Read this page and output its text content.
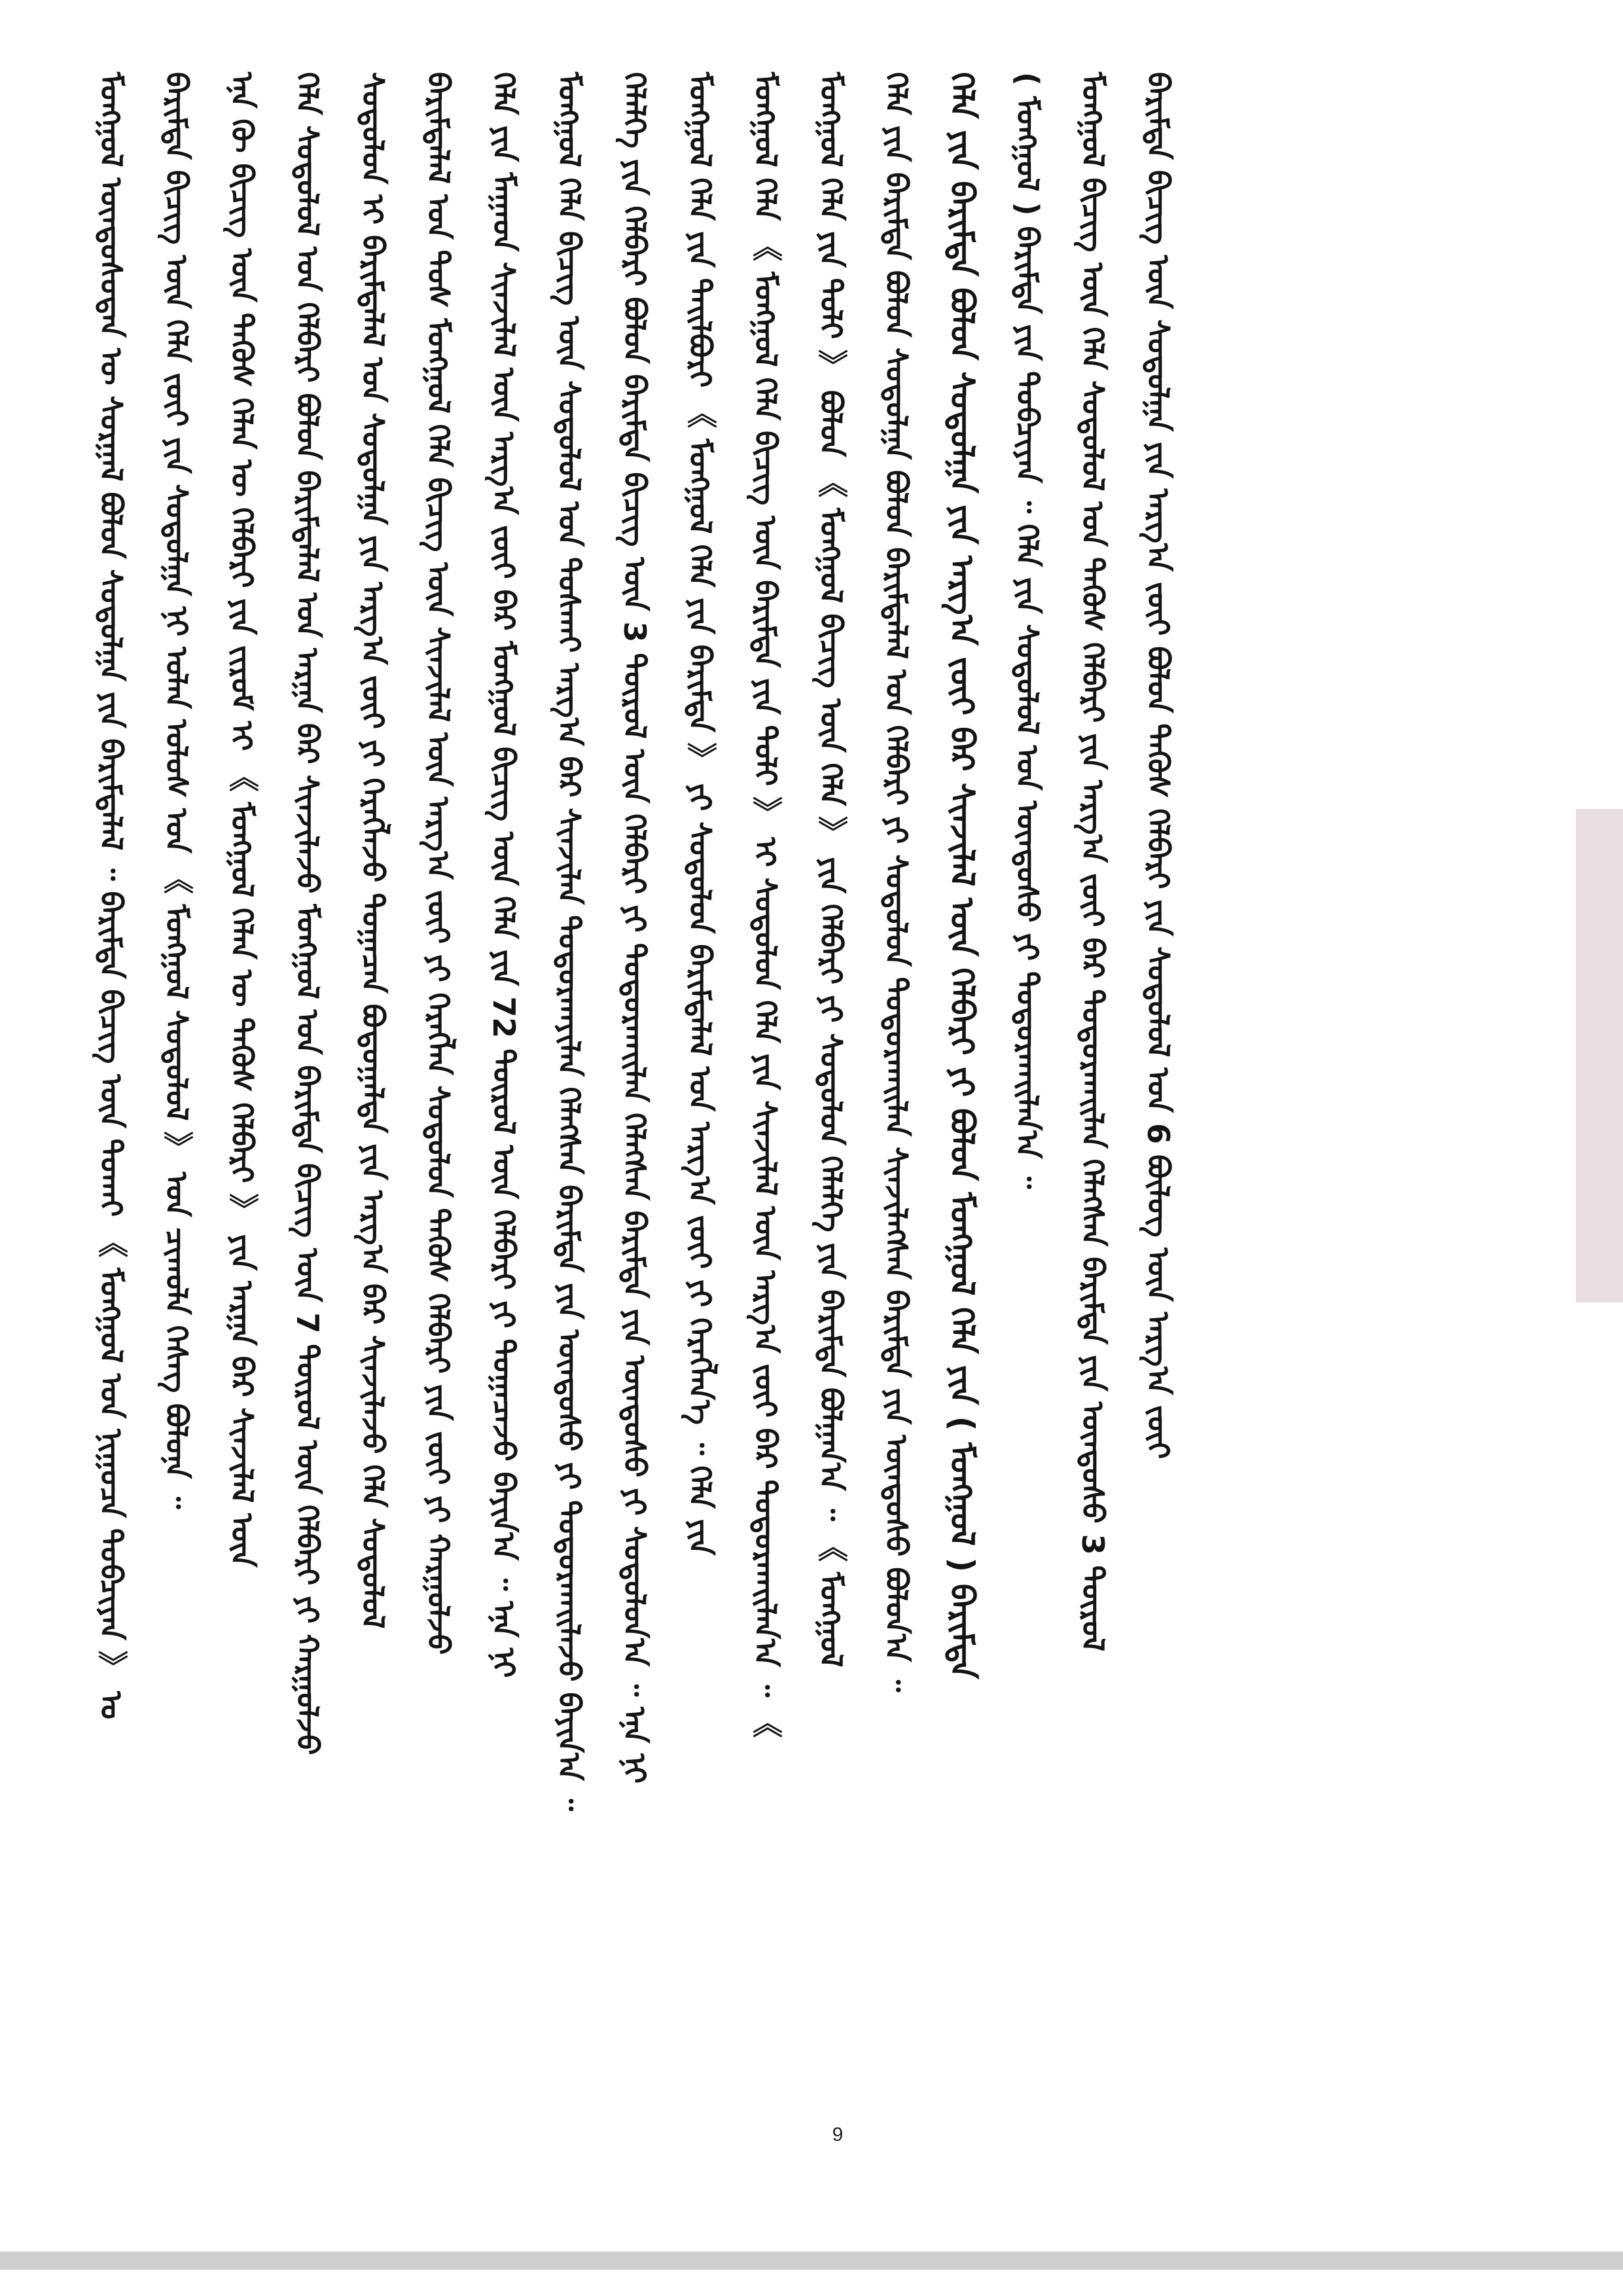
ᠮᠣᠩᠭᠣᠯ ᠦᠨᠳᠦᠰᠦᠲᠡᠨ ᠦ ᠰᠤᠷᠭᠠᠯ ᠪᠣᠯᠤᠨ ᠰᠤᠳᠤᠯᠭᠠ ᠶᠢᠨ ᠪᠠᠷᠢᠮᠲᠠᠯᠠᠯ ᠃ ᠪᠠᠷᠢᠮᠲᠠ ᠪᠢᠴᠢᠭ ᠦᠨ ᠲᠤᠬᠠᠢ 《 ᠮᠣᠩᠭᠣᠯ ᠤᠨ ᠨᠢᠭᠤᠴᠠ ᠲᠣᠪᠴᠢᠶᠠᠨ 》 ᠤ	ᠪᠠᠷᠢᠮᠲᠠ ᠪᠢᠴᠢᠭ ᠦᠨ ᠬᠡᠯᠡ ᠵᠦᠢ ᠶᠢᠨ ᠰᠤᠳᠤᠯᠭᠠ ᠨᠢ ᠣᠯᠠᠨ ᠤᠯᠤᠰ ᠤᠨ 《 ᠮᠣᠩᠭᠣᠯ ᠰᠤᠳᠤᠯᠤᠯ 》 ᠤᠨ ᠴᠢᠬᠤᠯᠠ ᠬᠡᠰᠡᠭ ᠪᠣᠯᠤᠨᠠ ᠃	ᠡᠨᠡ ᠬᠦ ᠪᠢᠴᠢᠭ ᠦᠨ ᠲᠡᠭᠦᠰ ᠬᠡᠯᠡᠨ ᠦ ᠬᠡᠯᠪᠡᠷᠢ ᠶᠢᠨ ᠵᠢᠷᠤᠮ ᠢ 《 ᠮᠣᠩᠭᠣᠯ ᠬᠡᠯᠡᠨ ᠦ ᠲᠡᠭᠦᠰ ᠬᠡᠯᠪᠡᠷᠢ 》 ᠶᠢᠨ ᠠᠷᠭᠠ ᠪᠠᠷ ᠰᠢᠨᠵᠢᠯᠡᠯ ᠦᠨ	ᠬᠡᠯᠡ ᠰᠤᠳᠤᠯᠤᠯ ᠤᠨ ᠬᠡᠯᠪᠡᠷᠢ ᠪᠣᠯᠤᠨ ᠪᠠᠷᠢᠮᠲᠠᠯᠠᠯ ᠤᠨ ᠠᠷᠭᠠ ᠪᠠᠷ ᠰᠢᠨᠵᠢᠯᠡᠵᠦ ᠮᠣᠩᠭᠣᠯ ᠤᠨ ᠪᠠᠷᠢᠮᠲᠠ ᠪᠢᠴᠢᠭ ᠦᠨ 7 ᠲᠥᠷᠥᠯ ᠦᠨ ᠬᠡᠯᠪᠡᠷᠢ ᠶᠢ ᠬᠠᠷᠭᠤᠯᠵᠤ	ᠰᠤᠳᠤᠯᠤᠨ ᠢ ᠪᠠᠷᠢᠮᠲᠠᠯᠠᠯ ᠤᠨ ᠰᠤᠳᠤᠯᠭᠠ ᠶᠢᠨ ᠠᠷᠭ᠎ᠠ ᠵᠦᠢ ᠶᠢ ᠬᠡᠷᠡᠭᠯᠡᠵᠦ ᠲᠣᠭᠠᠴᠠᠨ ᠪᠣᠳᠤᠭᠠᠯᠲᠠ ᠶᠢᠨ ᠠᠷᠭ᠎ᠠ ᠪᠠᠷ ᠰᠢᠨᠵᠢᠯᠡᠵᠦ ᠬᠡᠯᠡ ᠰᠤᠳᠤᠯᠤᠯ	ᠪᠠᠷᠢᠮᠲᠠᠯᠠᠯ ᠤᠨ ᠲᠤᠰ ᠮᠣᠩᠭᠣᠯ ᠬᠡᠯᠡ ᠪᠢᠴᠢᠭ ᠦᠨ ᠰᠢᠨᠵᠢᠯᠡᠯ ᠦᠨ ᠠᠷᠭ᠎ᠠ ᠵᠦᠢ ᠶᠢ ᠬᠡᠷᠡᠭᠯᠡᠨ ᠰᠤᠳᠤᠯᠤᠨ ᠲᠡᠭᠦᠰ ᠬᠡᠯᠪᠡᠷᠢ ᠶᠢᠨ ᠵᠦᠢ ᠶᠢ ᠬᠠᠷᠭᠤᠯᠵᠤ	ᠬᠡᠯᠡ ᠶᠢᠨ ᠮᠠᠭᠠᠳ ᠰᠢᠨᠵᠢᠯᠡᠯ ᠦᠨ ᠠᠷᠭ᠎ᠠ ᠵᠦᠢ ᠪᠠᠷ ᠮᠣᠩᠭᠣᠯ ᠪᠢᠴᠢᠭ ᠦᠨ ᠬᠡᠯᠡ ᠶᠢᠨ 72 ᠲᠥᠷᠥᠯ ᠦᠨ ᠬᠡᠯᠪᠡᠷᠢ ᠶᠢ ᠲᠣᠭᠠᠴᠠᠵᠤ ᠪᠠᠶᠢᠨ᠎ᠠ ᠃ ᠡᠨᠡ ᠨᠢ	ᠮᠣᠩᠭᠣᠯ ᠬᠡᠯᠡ ᠪᠢᠴᠢᠭ ᠦᠨ ᠰᠤᠳᠤᠯᠤᠯ ᠤᠨ ᠲᠤᠰᠬᠠᠢ ᠠᠷᠭ᠎ᠠ ᠪᠠᠷ ᠰᠢᠨᠵᠢᠯᠡᠨ ᠲᠣᠳᠤᠷᠬᠠᠶᠢᠯᠠᠨ ᠬᠡᠯᠡᠭᠰᠡᠨ ᠪᠠᠷᠢᠮᠲᠠ ᠶᠢᠨ ᠦᠨᠳᠦᠰᠦ ᠶᠢ ᠲᠣᠳᠤᠷᠬᠠᠢᠯᠠᠵᠤ ᠪᠠᠶᠢᠨ᠎ᠠ ᠃	ᠬᠡᠯᠡᠯᠭᠡ ᠶᠢᠨ ᠬᠡᠯᠪᠡᠷᠢ ᠪᠣᠯᠤᠨ ᠪᠠᠷᠢᠮᠲᠠ ᠪᠢᠴᠢᠭ ᠦᠨ 3 ᠲᠥᠷᠥᠯ ᠦᠨ ᠬᠡᠯᠪᠡᠷᠢ ᠶᠢ ᠲᠣᠳᠤᠷᠬᠠᠢᠯᠠᠨ ᠬᠡᠯᠡᠭᠰᠡᠨ ᠪᠠᠷᠢᠮᠲᠠ ᠶᠢᠨ ᠦᠨᠳᠦᠰᠦ ᠶᠢ ᠰᠤᠳᠤᠯᠤᠨ᠎ᠠ ᠃ ᠡᠨᠡ ᠨᠢ	ᠮᠣᠩᠭᠣᠯ ᠬᠡᠯᠡ ᠶᠢᠨ ᠲᠠᠢᠯᠪᠤᠷᠢ 《 ᠮᠣᠩᠭᠣᠯ ᠬᠡᠯᠡ ᠶᠢᠨ ᠪᠠᠷᠢᠮᠲᠠ 》 ᠶᠢ ᠰᠤᠳᠤᠯᠤᠨ ᠪᠠᠷᠢᠮᠲᠠᠯᠠᠯ ᠤᠨ ᠠᠷᠭ᠎ᠠ ᠵᠦᠢ ᠶᠢ ᠬᠡᠷᠡᠭᠯᠡᠨ᠎ᠡ ᠃ ᠬᠡᠯᠡ ᠶᠢᠨ	ᠮᠣᠩᠭᠣᠯ ᠬᠡᠯᠡ 《 ᠮᠣᠩᠭᠣᠯ ᠬᠡᠯᠡ ᠪᠢᠴᠢᠭ ᠦᠨ ᠪᠠᠷᠢᠮᠲᠠ ᠶᠢᠨ ᠲᠣᠯᠢ 》 ᠢ ᠰᠤᠳᠤᠯᠤᠨ ᠬᠡᠯᠡ ᠶᠢᠨ ᠰᠢᠨᠵᠢᠯᠡᠯ ᠦᠨ ᠠᠷᠭ᠎ᠠ ᠵᠦᠢ ᠪᠠᠷ ᠲᠣᠳᠤᠷᠬᠠᠢᠯᠠᠨ᠎ᠠ ᠃ 《	ᠮᠣᠩᠭᠣᠯ ᠬᠡᠯᠡ ᠶᠢᠨ ᠲᠣᠯᠢ 》 ᠪᠣᠯᠤᠨ 《 ᠮᠣᠩᠭᠣᠯ ᠪᠢᠴᠢᠭ ᠦᠨ ᠬᠡᠯᠡ 》 ᠶᠢᠨ ᠬᠡᠯᠪᠡᠷᠢ ᠶᠢ ᠰᠤᠳᠤᠯᠤᠨ ᠬᠡᠯᠡᠯᠭᠡ ᠶᠢᠨ ᠪᠠᠷᠢᠮᠲᠠ ᠪᠣᠯᠭᠠᠨ᠎ᠠ ᠃ 《 ᠮᠣᠩᠭᠣᠯ	ᠬᠡᠯᠡ ᠶᠢᠨ ᠪᠠᠷᠢᠮᠲᠠ ᠪᠣᠯᠤᠨ ᠰᠤᠳᠤᠯᠭᠠ ᠪᠣᠯᠤᠨ ᠪᠠᠷᠢᠮᠲᠠᠯᠠᠯ ᠤᠨ ᠬᠡᠯᠪᠡᠷᠢ ᠶᠢ ᠰᠤᠳᠤᠯᠤᠨ ᠲᠣᠳᠤᠷᠬᠠᠢᠯᠠᠨ ᠰᠢᠨᠵᠢᠯᠡᠭᠰᠡᠨ ᠪᠠᠷᠢᠮᠲᠠ ᠶᠢᠨ ᠦᠨᠳᠦᠰᠦ ᠪᠣᠯᠤᠨ᠎ᠠ ᠃ ᠬᠡᠯᠡ ᠶᠢᠨ ᠪᠠᠷᠢᠮᠲᠠ ᠪᠣᠯᠤᠨ ᠰᠤᠳᠤᠯᠭᠠ ᠶᠢᠨ ᠠᠷᠭ᠎ᠠ ᠵᠦᠢ ᠪᠠᠷ ᠰᠢᠨᠵᠢᠯᠡᠯ ᠦᠨ ᠬᠡᠯᠪᠡᠷᠢ ᠶᠢ ᠪᠣᠯᠤᠨ ᠮᠣᠩᠭᠣᠯ ᠬᠡᠯᠡ ᠶᠢᠨ ( ᠮᠣᠩᠭᠣᠯ ) ᠪᠠᠷᠢᠮᠲᠠ ( ᠮᠣᠩᠭᠣᠯ ) ᠪᠠᠷᠢᠮᠲᠠ ᠶᠢᠨ ᠲᠣᠪᠴᠢᠶᠠᠨ ᠃ ᠬᠡᠯᠡ ᠶᠢᠨ ᠰᠤᠳᠤᠯᠤᠯ ᠤᠨ ᠦᠨᠳᠦᠰᠦ ᠶᠢ ᠲᠣᠳᠤᠷᠬᠠᠢᠯᠠᠨ᠎ᠠ ᠃	ᠮᠣᠩᠭᠣᠯ ᠪᠢᠴᠢᠭ ᠦᠨ ᠬᠡᠯᠡ ᠰᠤᠳᠤᠯᠤᠯ ᠤᠨ ᠲᠡᠭᠦᠰ ᠬᠡᠯᠪᠡᠷᠢ ᠶᠢᠨ ᠠᠷᠭ᠎ᠠ ᠵᠦᠢ ᠪᠠᠷ ᠲᠣᠳᠤᠷᠬᠠᠢᠯᠠᠨ ᠬᠡᠯᠡᠭᠰᠡᠨ ᠪᠠᠷᠢᠮᠲᠠ ᠶᠢᠨ ᠦᠨᠳᠦᠰᠦ 3 ᠲᠥᠷᠥᠯ	ᠪᠠᠷᠢᠮᠲᠠ ᠪᠢᠴᠢᠭ ᠦᠨ ᠰᠤᠳᠤᠯᠭᠠ ᠶᠢᠨ ᠠᠷᠭ᠎ᠠ ᠵᠦᠢ ᠪᠣᠯᠤᠨ ᠲᠡᠭᠦᠰ ᠬᠡᠯᠪᠡᠷᠢ ᠶᠢᠨ ᠰᠤᠳᠤᠯᠤᠯ ᠤᠨ 6 ᠪᠦᠯᠦᠭ ᠦᠨ ᠠᠷᠭ᠎ᠠ ᠵᠦᠢ
9
